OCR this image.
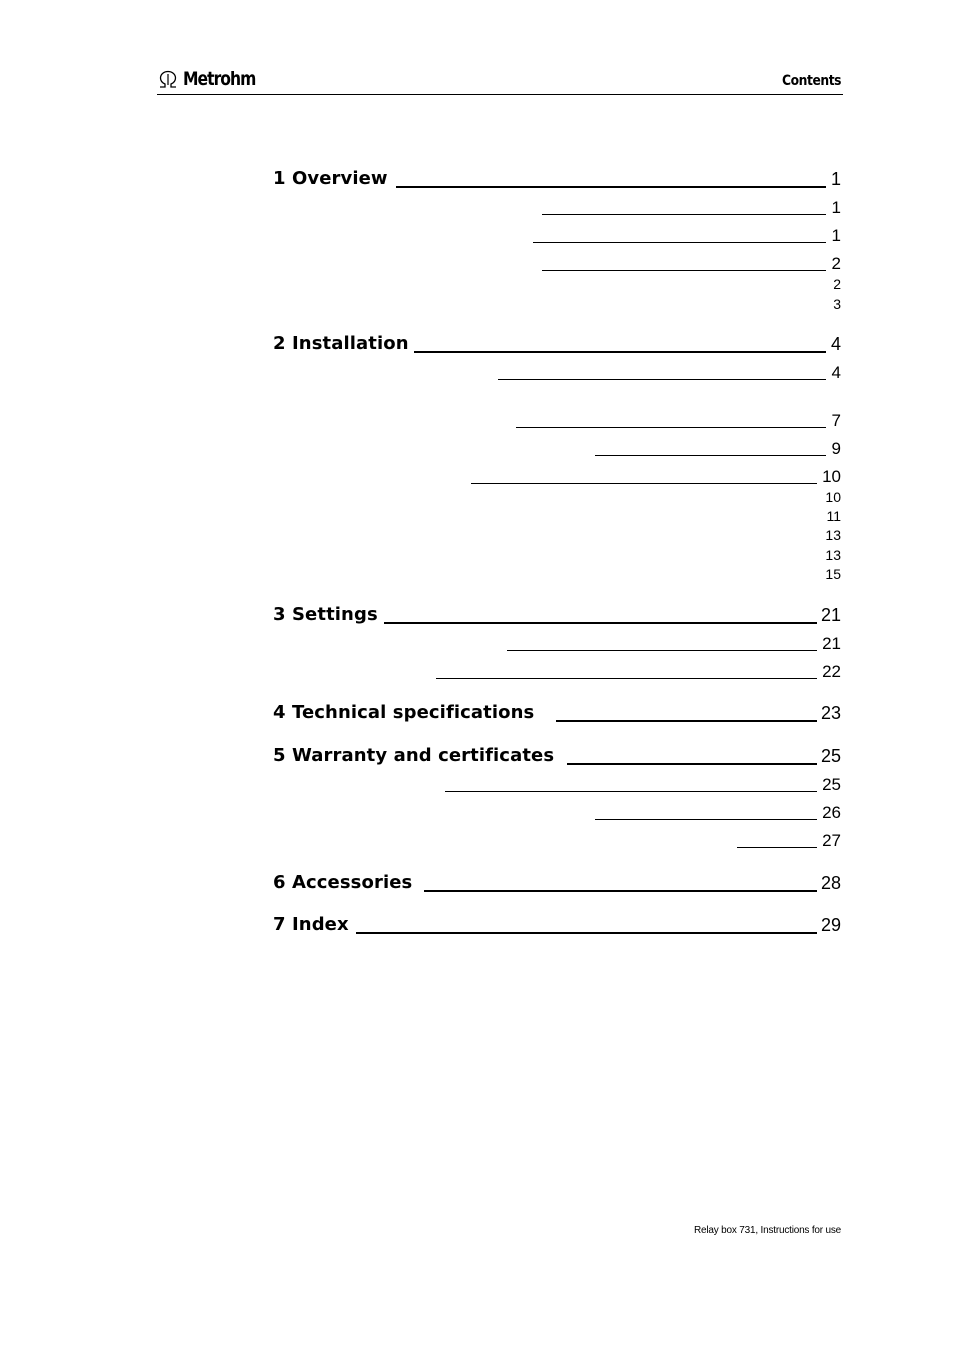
Metrohm	Contents
1 Overview	1
1
1
2
2
3
2 Installation	4
4
7
9
10
10
11
13
13
15
3 Settings	21
21
22
4 Technical specifications	23
5 Warranty and certificates	25
25
26
27
6 Accessories	28
7 Index	29
Relay box 731, Instructions for use
